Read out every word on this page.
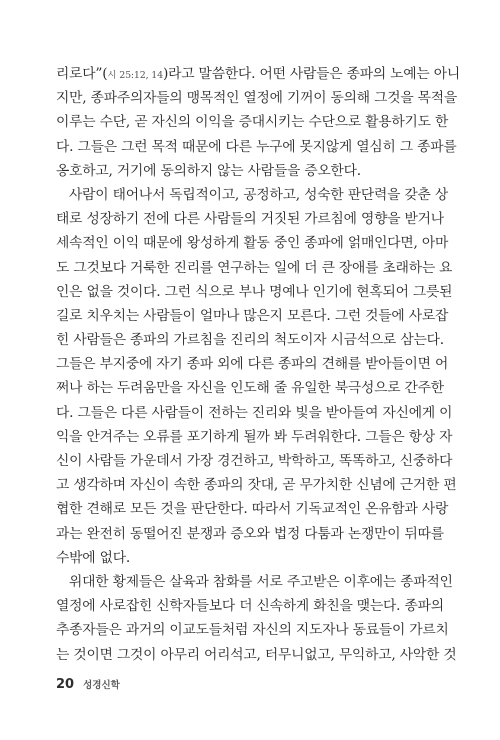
리로다”(시 25:12, 14)라고 말씀한다. 어떤 사람들은 종파의 노예는 아니
지만, 종파주의자들의 맹목적인 열정에 기꺼이 동의해 그것을 목적을
이루는 수단, 곧 자신의 이익을 증대시키는 수단으로 활용하기도 한
다. 그들은 그런 목적 때문에 다른 누구에 못지않게 열심히 그 종파를
옹호하고, 거기에 동의하지 않는 사람들을 증오한다.
사람이 태어나서 독립적이고, 공정하고, 성숙한 판단력을 갖춘 상
태로 성장하기 전에 다른 사람들의 거짓된 가르침에 영향을 받거나
세속적인 이익 때문에 왕성하게 활동 중인 종파에 얽매인다면, 아마
도 그것보다 거룩한 진리를 연구하는 일에 더 큰 장애를 초래하는 요
인은 없을 것이다. 그런 식으로 부나 명예나 인기에 현혹되어 그릇된
길로 치우치는 사람들이 얼마나 많은지 모른다. 그런 것들에 사로잡
힌 사람들은 종파의 가르침을 진리의 척도이자 시금석으로 삼는다.
그들은 부지중에 자기 종파 외에 다른 종파의 견해를 받아들이면 어
쩌나 하는 두려움만을 자신을 인도해 줄 유일한 북극성으로 간주한
다. 그들은 다른 사람들이 전하는 진리와 빛을 받아들여 자신에게 이
익을 안겨주는 오류를 포기하게 될까 봐 두려워한다. 그들은 항상 자
신이 사람들 가운데서 가장 경건하고, 박학하고, 똑똑하고, 신중하다
고 생각하며 자신이 속한 종파의 잣대, 곧 무가치한 신념에 근거한 편
협한 견해로 모든 것을 판단한다. 따라서 기독교적인 온유함과 사랑
과는 완전히 동떨어진 분쟁과 증오와 법정 다툼과 논쟁만이 뒤따를
수밖에 없다.
위대한 황제들은 살육과 참화를 서로 주고받은 이후에는 종파적인
열정에 사로잡힌 신학자들보다 더 신속하게 화친을 맺는다. 종파의
추종자들은 과거의 이교도들처럼 자신의 지도자나 동료들이 가르치
는 것이면 그것이 아무리 어리석고, 터무니없고, 무익하고, 사악한 것
20 성경신학
